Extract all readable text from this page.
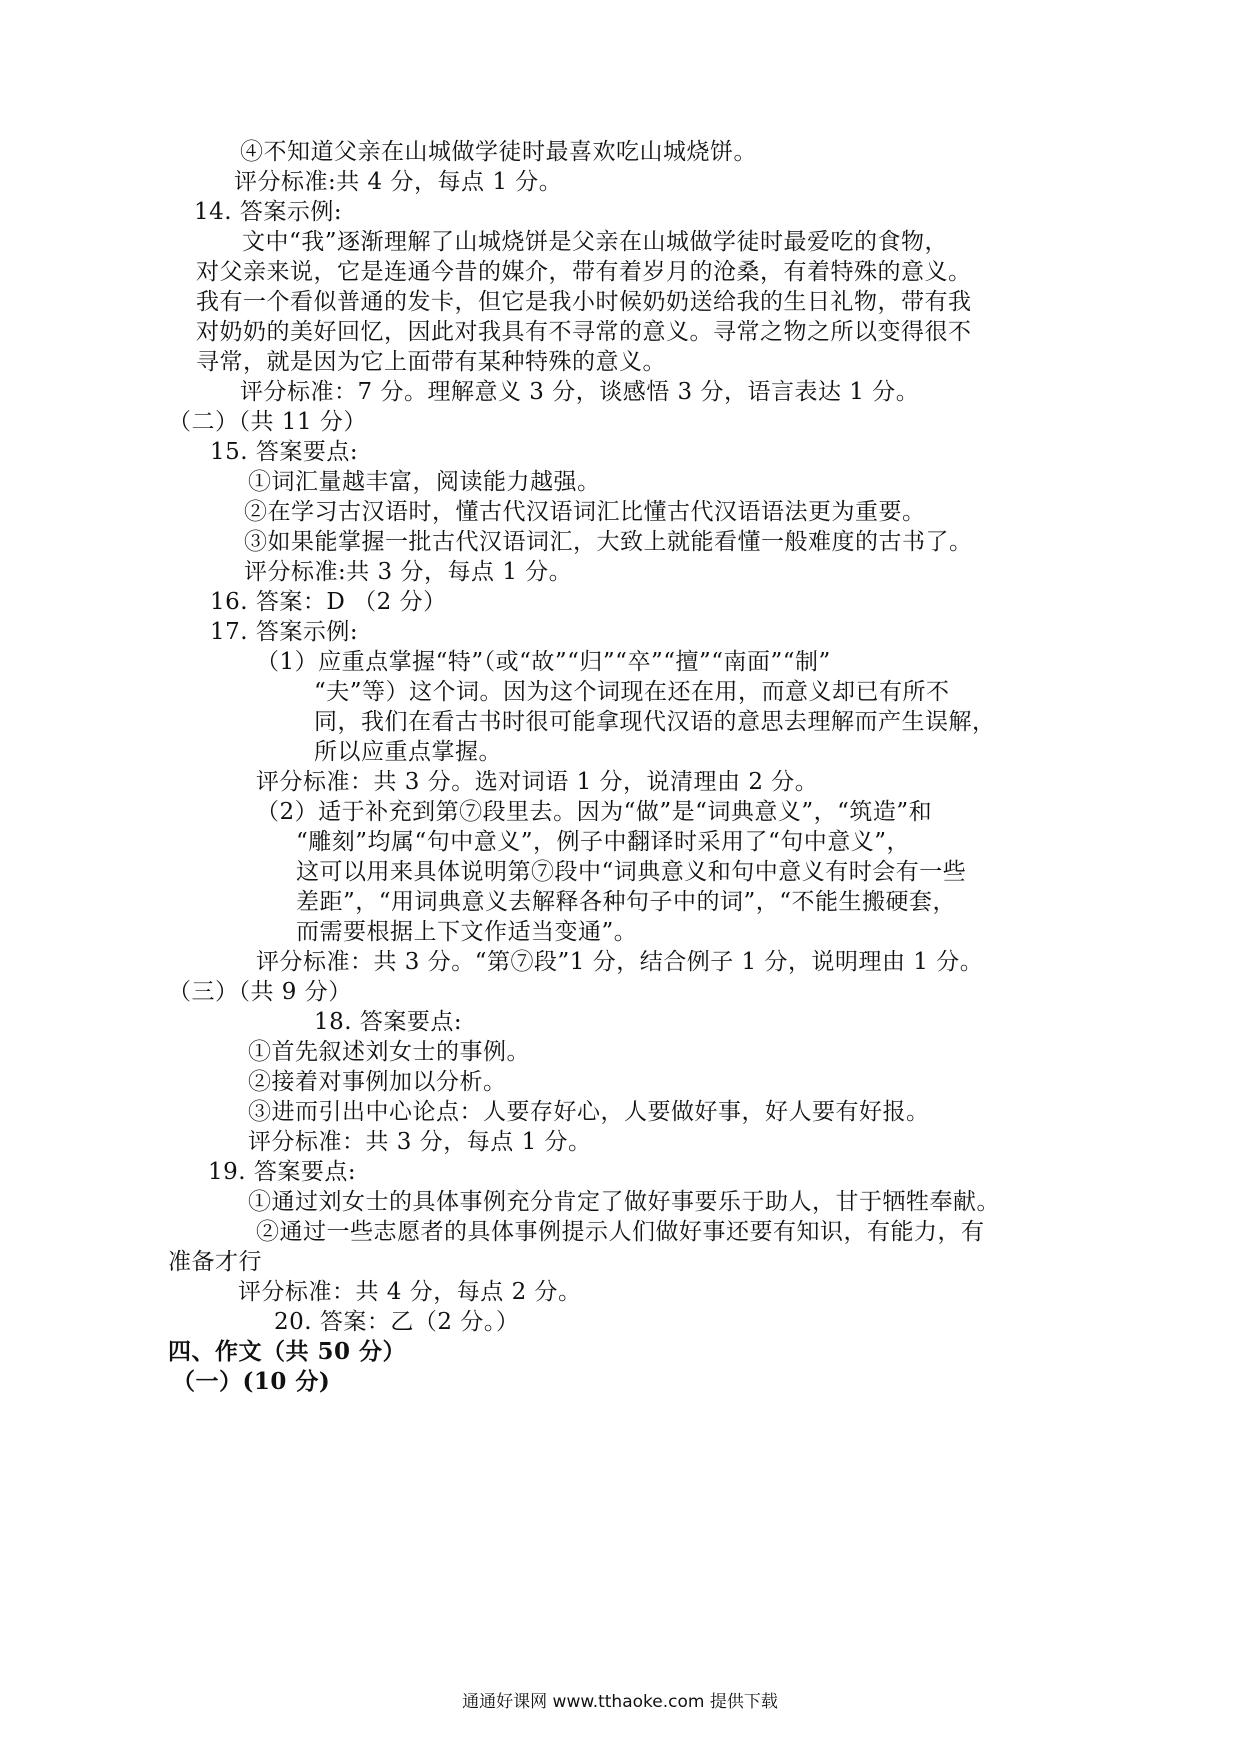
④不知道父亲在山城做学徒时最喜欢吃山城烧饼。
评分标准:共 4 分，每点 1 分。
14. 答案示例:
文中“我”逐渐理解了山城烧饼是父亲在山城做学徒时最爱吃的食物，
对父亲来说，它是连通今昔的媒介，带有着岁月的沧桑，有着特殊的意义。
我有一个看似普通的发卡，但它是我小时候奶奶送给我的生日礼物，带有我
对奶奶的美好回忆，因此对我具有不寻常的意义。寻常之物之所以变得很不
寻常，就是因为它上面带有某种特殊的意义。
评分标准：7 分。理解意义 3 分，谈感悟 3 分，语言表达 1 分。
（二）（共 11 分）
15. 答案要点:
①词汇量越丰富，阅读能力越强。
②在学习古汉语时，懂古代汉语词汇比懂古代汉语语法更为重要。
③如果能掌握一批古代汉语词汇，大致上就能看懂一般难度的古书了。
评分标准:共 3 分，每点 1 分。
16. 答案：D （2 分）
17. 答案示例:
（1）应重点掌握“特”（或“故”“归”“卒”“擅”“南面”“制”
“夫”等）这个词。因为这个词现在还在用，而意义却已有所不
同，我们在看古书时很可能拿现代汉语的意思去理解而产生误解，
所以应重点掌握。
评分标准：共 3 分。选对词语 1 分，说清理由 2 分。
（2）适于补充到第⑦段里去。因为“做”是“词典意义”，“筑造”和
“雕刻”均属“句中意义”，例子中翻译时采用了“句中意义”，
这可以用来具体说明第⑦段中“词典意义和句中意义有时会有一些
差距”，“用词典意义去解释各种句子中的词”，“不能生搬硬套，
而需要根据上下文作适当变通”。
评分标准：共 3 分。“第⑦段”1 分，结合例子 1 分，说明理由 1 分。
（三）（共 9 分）
18. 答案要点:
①首先叙述刘女士的事例。
②接着对事例加以分析。
③进而引出中心论点：人要存好心，人要做好事，好人要有好报。
评分标准：共 3 分，每点 1 分。
19. 答案要点:
①通过刘女士的具体事例充分肯定了做好事要乐于助人，甘于牺牲奉献。
②通过一些志愿者的具体事例提示人们做好事还要有知识，有能力，有
准备才行
评分标准：共 4 分，每点 2 分。
20. 答案：乙（2 分。）
四、作文（共 50 分）
（一）(10 分)
通通好课网 www.tthaoke.com 提供下载
